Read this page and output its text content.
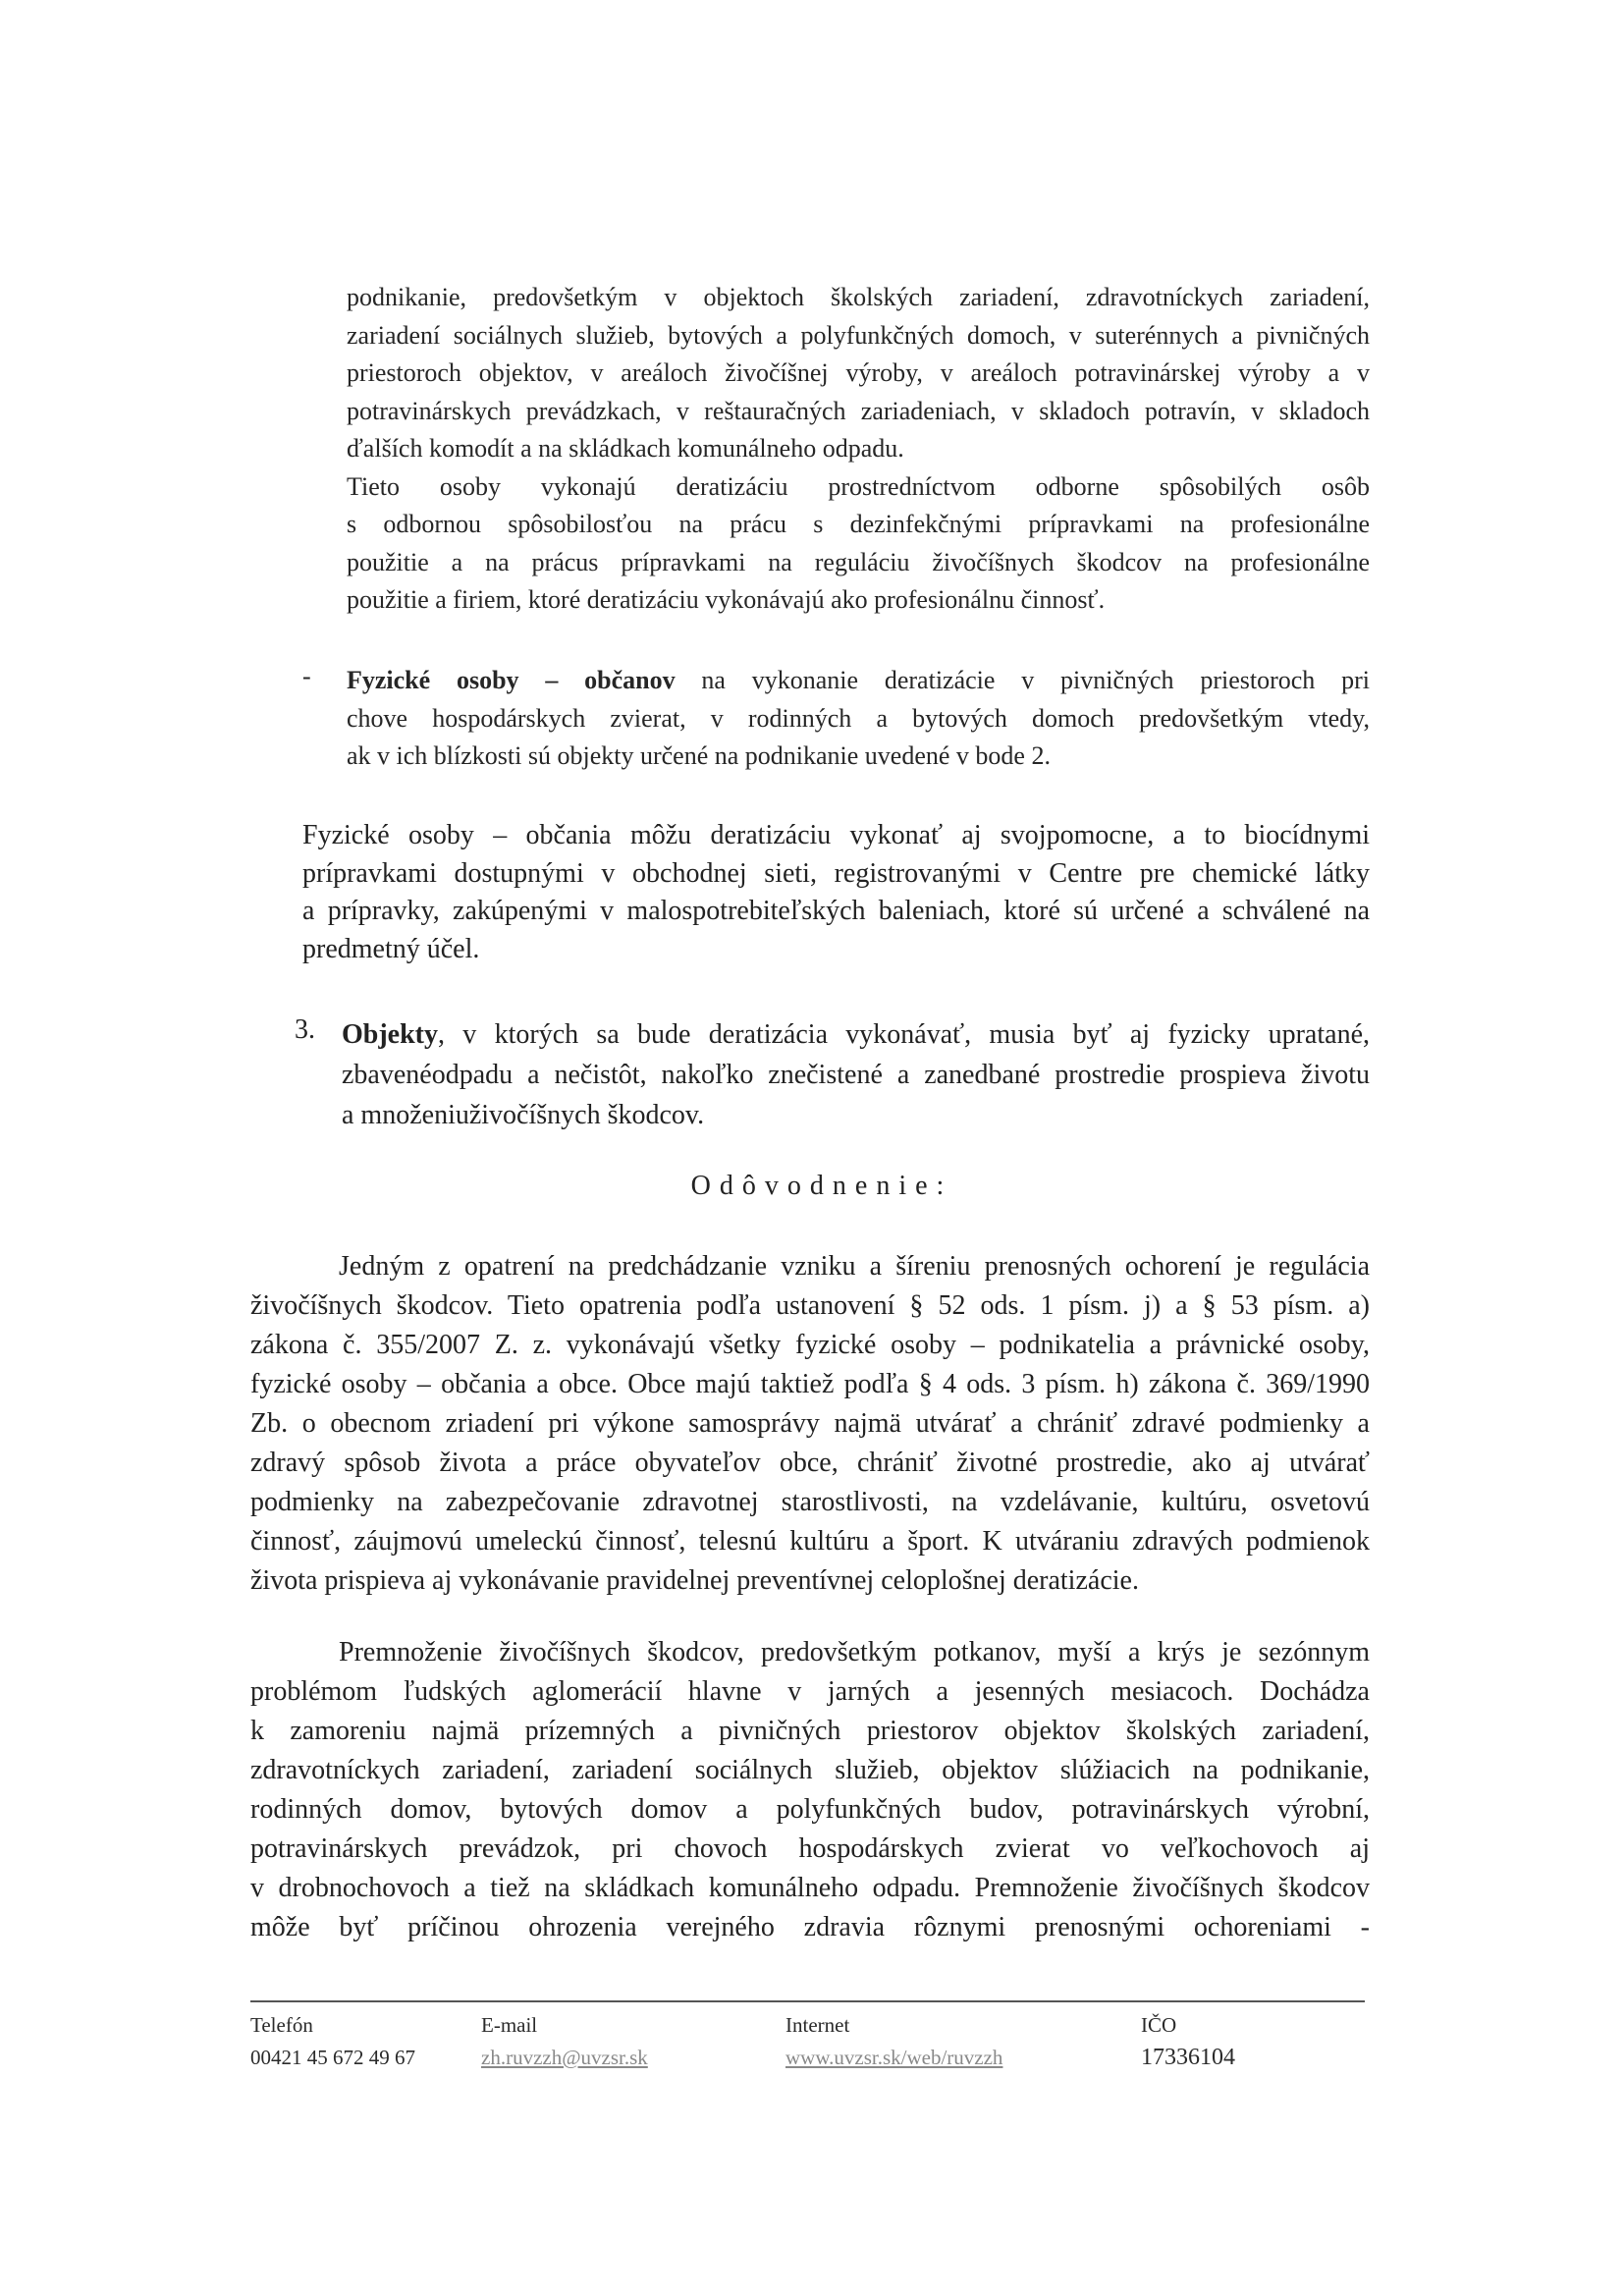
podnikanie, predovšetkým v objektoch školských zariadení, zdravotníckych zariadení,
zariadení sociálnych služieb, bytových a polyfunkčných domoch, v suterénnych a pivničných
priestoroch objektov, v areáloch živočíšnej výroby, v areáloch potravinárskej výroby a v
potravinárskych prevádzkach, v reštauračných zariadeniach, v skladoch potravín, v skladoch
ďalších komodít a na skládkach komunálneho odpadu.
Tieto osoby vykonajú deratizáciu prostredníctvom odborne spôsobilých osôb
s odbornou spôsobilosťou na prácu s dezinfekčnými prípravkami na profesionálne
použitie a na prácus prípravkami na reguláciu živočíšnych škodcov na profesionálne
použitie a firiem, ktoré deratizáciu vykonávajú ako profesionálnu činnosť.
- Fyzické osoby – občanov na vykonanie deratizácie v pivničných priestoroch pri
chove hospodárskych zvierat, v rodinných a bytových domoch predovšetkým vtedy,
ak v ich blízkosti sú objekty určené na podnikanie uvedené v bode 2.
Fyzické osoby – občania môžu deratizáciu vykonať aj svojpomocne, a to biocídnymi
prípravkami dostupnými v obchodnej sieti, registrovanými v Centre pre chemické látky
a prípravky, zakúpenými v malospotrebiteľských baleniach, ktoré sú určené a schválené na
predmetný účel.
3. Objekty, v ktorých sa bude deratizácia vykonávať, musia byť aj fyzicky upratané,
zbavenéodpadu a nečistôt, nakoľko znečistené a zanedbané prostredie prospieva životu
a množeniuživočíšnych škodcov.
Odôvodnenie:
Jedným z opatrení na predchádzanie vzniku a šíreniu prenosných ochorení je regulácia
živočíšnych škodcov. Tieto opatrenia podľa ustanovení § 52 ods. 1 písm. j) a § 53 písm. a)
zákona č. 355/2007 Z. z. vykonávajú všetky fyzické osoby – podnikatelia a právnické osoby,
fyzické osoby – občania a obce. Obce majú taktiež podľa § 4 ods. 3 písm. h) zákona č. 369/1990
Zb. o obecnom zriadení pri výkone samosprávy najmä utvárať a chrániť zdravé podmienky a
zdravý spôsob života a práce obyvateľov obce, chrániť životné prostredie, ako aj utvárať
podmienky na zabezpečovanie zdravotnej starostlivosti, na vzdelávanie, kultúru, osvetovú
činnosť, záujmovú umeleckú činnosť, telesnú kultúru a šport. K utváraniu zdravých podmienok
života prispieva aj vykonávanie pravidelnej preventívnej celoplošnej deratizácie.
Premnoženie živočíšnych škodcov, predovšetkým potkanov, myší a krýs je sezónnym
problémom ľudských aglomerácií hlavne v jarných a jesenných mesiacoch. Dochádza
k zamoreniu najmä prízemných a pivničných priestorov objektov školských zariadení,
zdravotníckych zariadení, zariadení sociálnych služieb, objektov slúžiacich na podnikanie,
rodinných domov, bytových domov a polyfunkčných budov, potravinárskych výrobní,
potravinárskych prevádzok, pri chovoch hospodárskych zvierat vo veľkochovoch aj
v drobnochovoch a tiež na skládkach komunálneho odpadu. Premnoženie živočíšnych škodcov
môže byť príčinou ohrozenia verejného zdravia rôznymi prenosnými ochoreniami -
Telefón
00421 45 672 49 67
E-mail
zh.ruvzzh@uvzsr.sk
Internet
www.uvzsr.sk/web/ruvzzh
IČO
17336104
